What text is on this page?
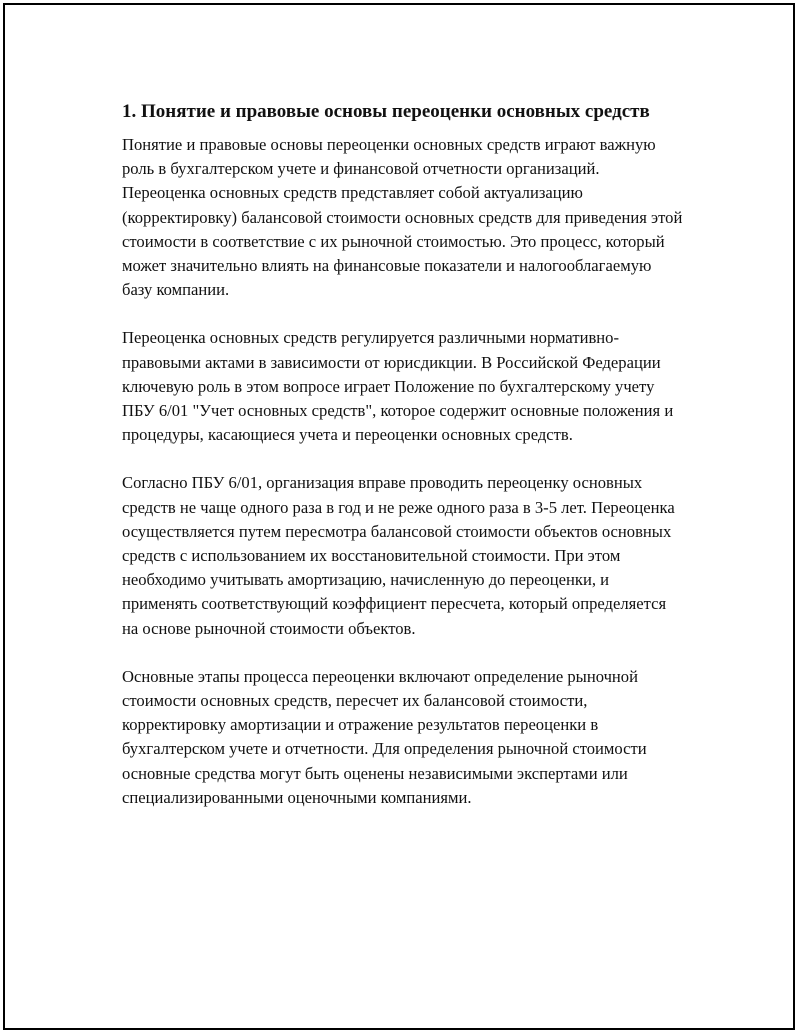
1. Понятие и правовые основы переоценки основных средств

Понятие и правовые основы переоценки основных средств играют важную роль в бухгалтерском учете и финансовой отчетности организаций. Переоценка основных средств представляет собой актуализацию (корректировку) балансовой стоимости основных средств для приведения этой стоимости в соответствие с их рыночной стоимостью. Это процесс, который может значительно влиять на финансовые показатели и налогооблагаемую базу компании.

Переоценка основных средств регулируется различными нормативно-правовыми актами в зависимости от юрисдикции. В Российской Федерации ключевую роль в этом вопросе играет Положение по бухгалтерскому учету ПБУ 6/01 "Учет основных средств", которое содержит основные положения и процедуры, касающиеся учета и переоценки основных средств.

Согласно ПБУ 6/01, организация вправе проводить переоценку основных средств не чаще одного раза в год и не реже одного раза в 3-5 лет. Переоценка осуществляется путем пересмотра балансовой стоимости объектов основных средств с использованием их восстановительной стоимости. При этом необходимо учитывать амортизацию, начисленную до переоценки, и применять соответствующий коэффициент пересчета, который определяется на основе рыночной стоимости объектов.

Основные этапы процесса переоценки включают определение рыночной стоимости основных средств, пересчет их балансовой стоимости, корректировку амортизации и отражение результатов переоценки в бухгалтерском учете и отчетности. Для определения рыночной стоимости основные средства могут быть оценены независимыми экспертами или специализированными оценочными компаниями.
